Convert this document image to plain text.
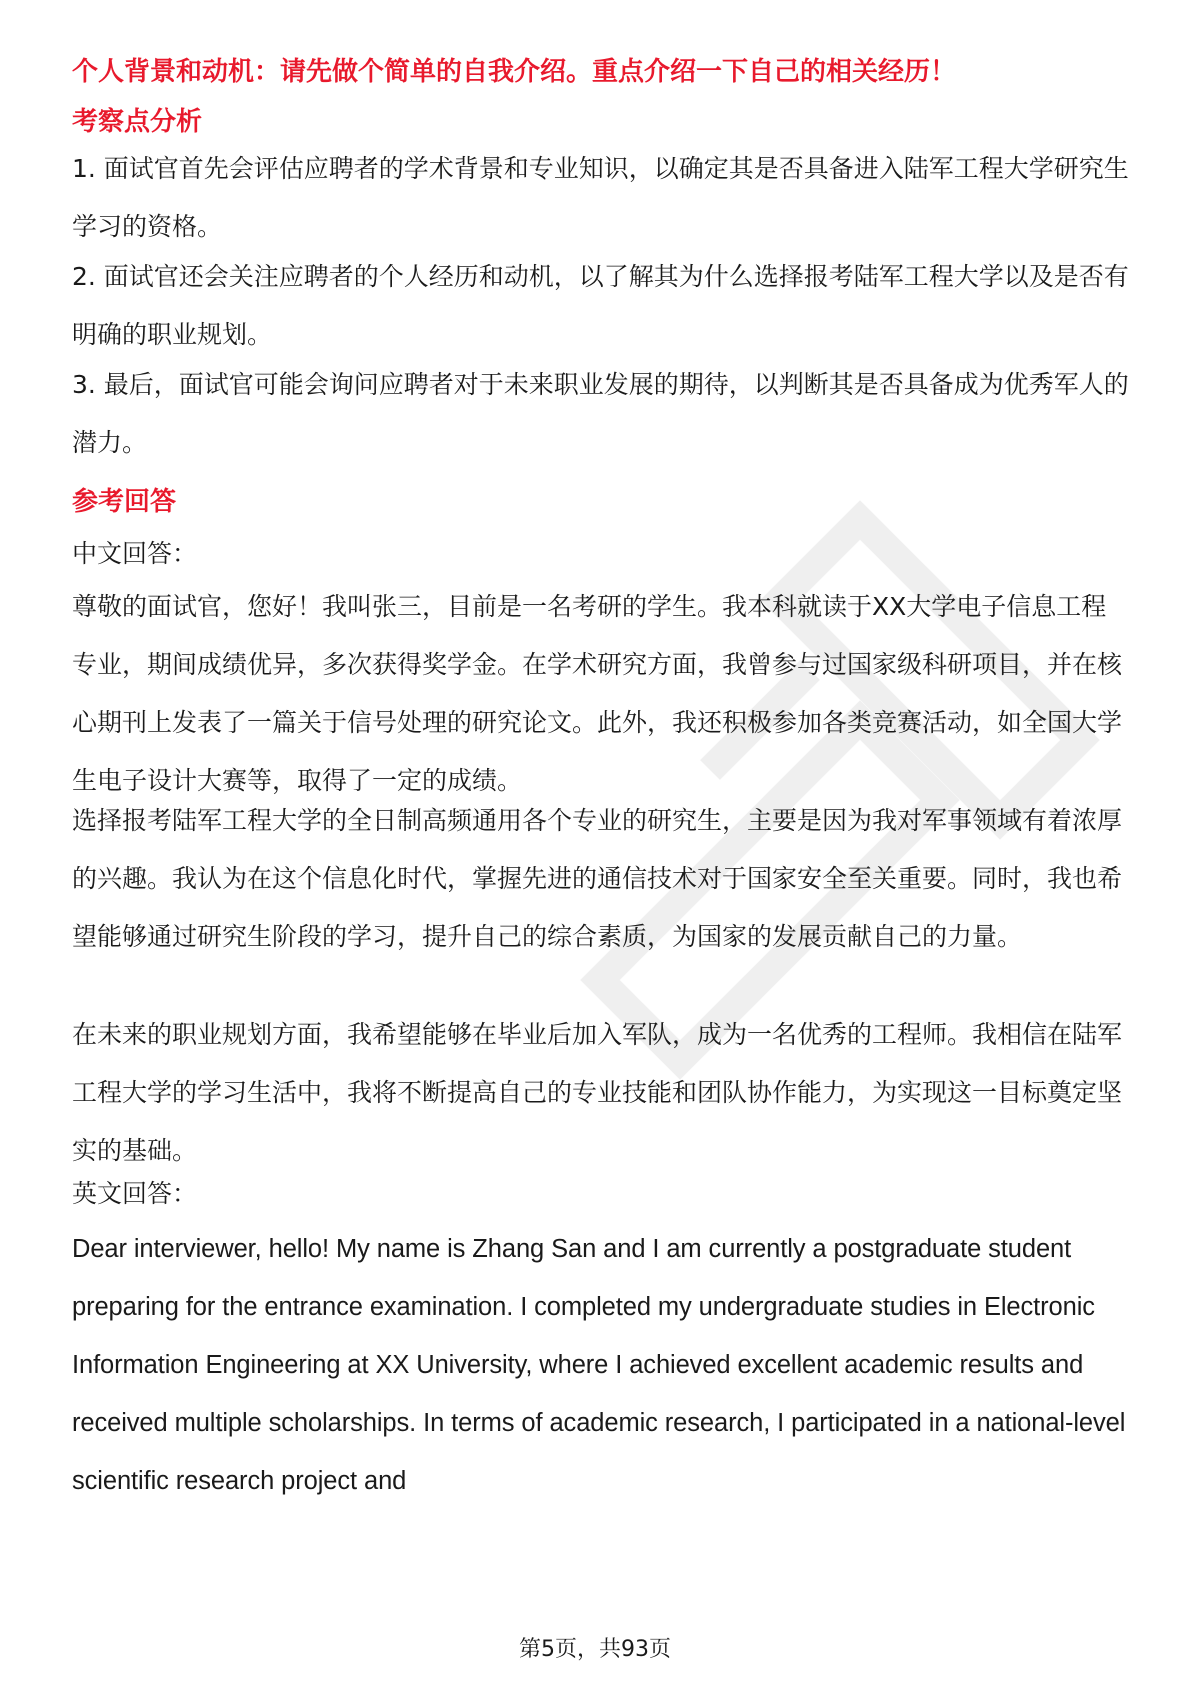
个人背景和动机：请先做个简单的自我介绍。重点介绍一下自己的相关经历！
考察点分析
1. 面试官首先会评估应聘者的学术背景和专业知识，以确定其是否具备进入陆军工程大学研究生学习的资格。
2. 面试官还会关注应聘者的个人经历和动机，以了解其为什么选择报考陆军工程大学以及是否有明确的职业规划。
3. 最后，面试官可能会询问应聘者对于未来职业发展的期待，以判断其是否具备成为优秀军人的潜力。
参考回答
中文回答：
尊敬的面试官，您好！我叫张三，目前是一名考研的学生。我本科就读于XX大学电子信息工程专业，期间成绩优异，多次获得奖学金。在学术研究方面，我曾参与过国家级科研项目，并在核心期刊上发表了一篇关于信号处理的研究论文。此外，我还积极参加各类竞赛活动，如全国大学生电子设计大赛等，取得了一定的成绩。
选择报考陆军工程大学的全日制高频通用各个专业的研究生，主要是因为我对军事领域有着浓厚的兴趣。我认为在这个信息化时代，掌握先进的通信技术对于国家安全至关重要。同时，我也希望能够通过研究生阶段的学习，提升自己的综合素质，为国家的发展贡献自己的力量。
在未来的职业规划方面，我希望能够在毕业后加入军队，成为一名优秀的工程师。我相信在陆军工程大学的学习生活中，我将不断提高自己的专业技能和团队协作能力，为实现这一目标奠定坚实的基础。
英文回答：
Dear interviewer, hello! My name is Zhang San and I am currently a postgraduate student preparing for the entrance examination. I completed my undergraduate studies in Electronic Information Engineering at XX University, where I achieved excellent academic results and received multiple scholarships. In terms of academic research, I participated in a national-level scientific research project and
第5页，共93页
